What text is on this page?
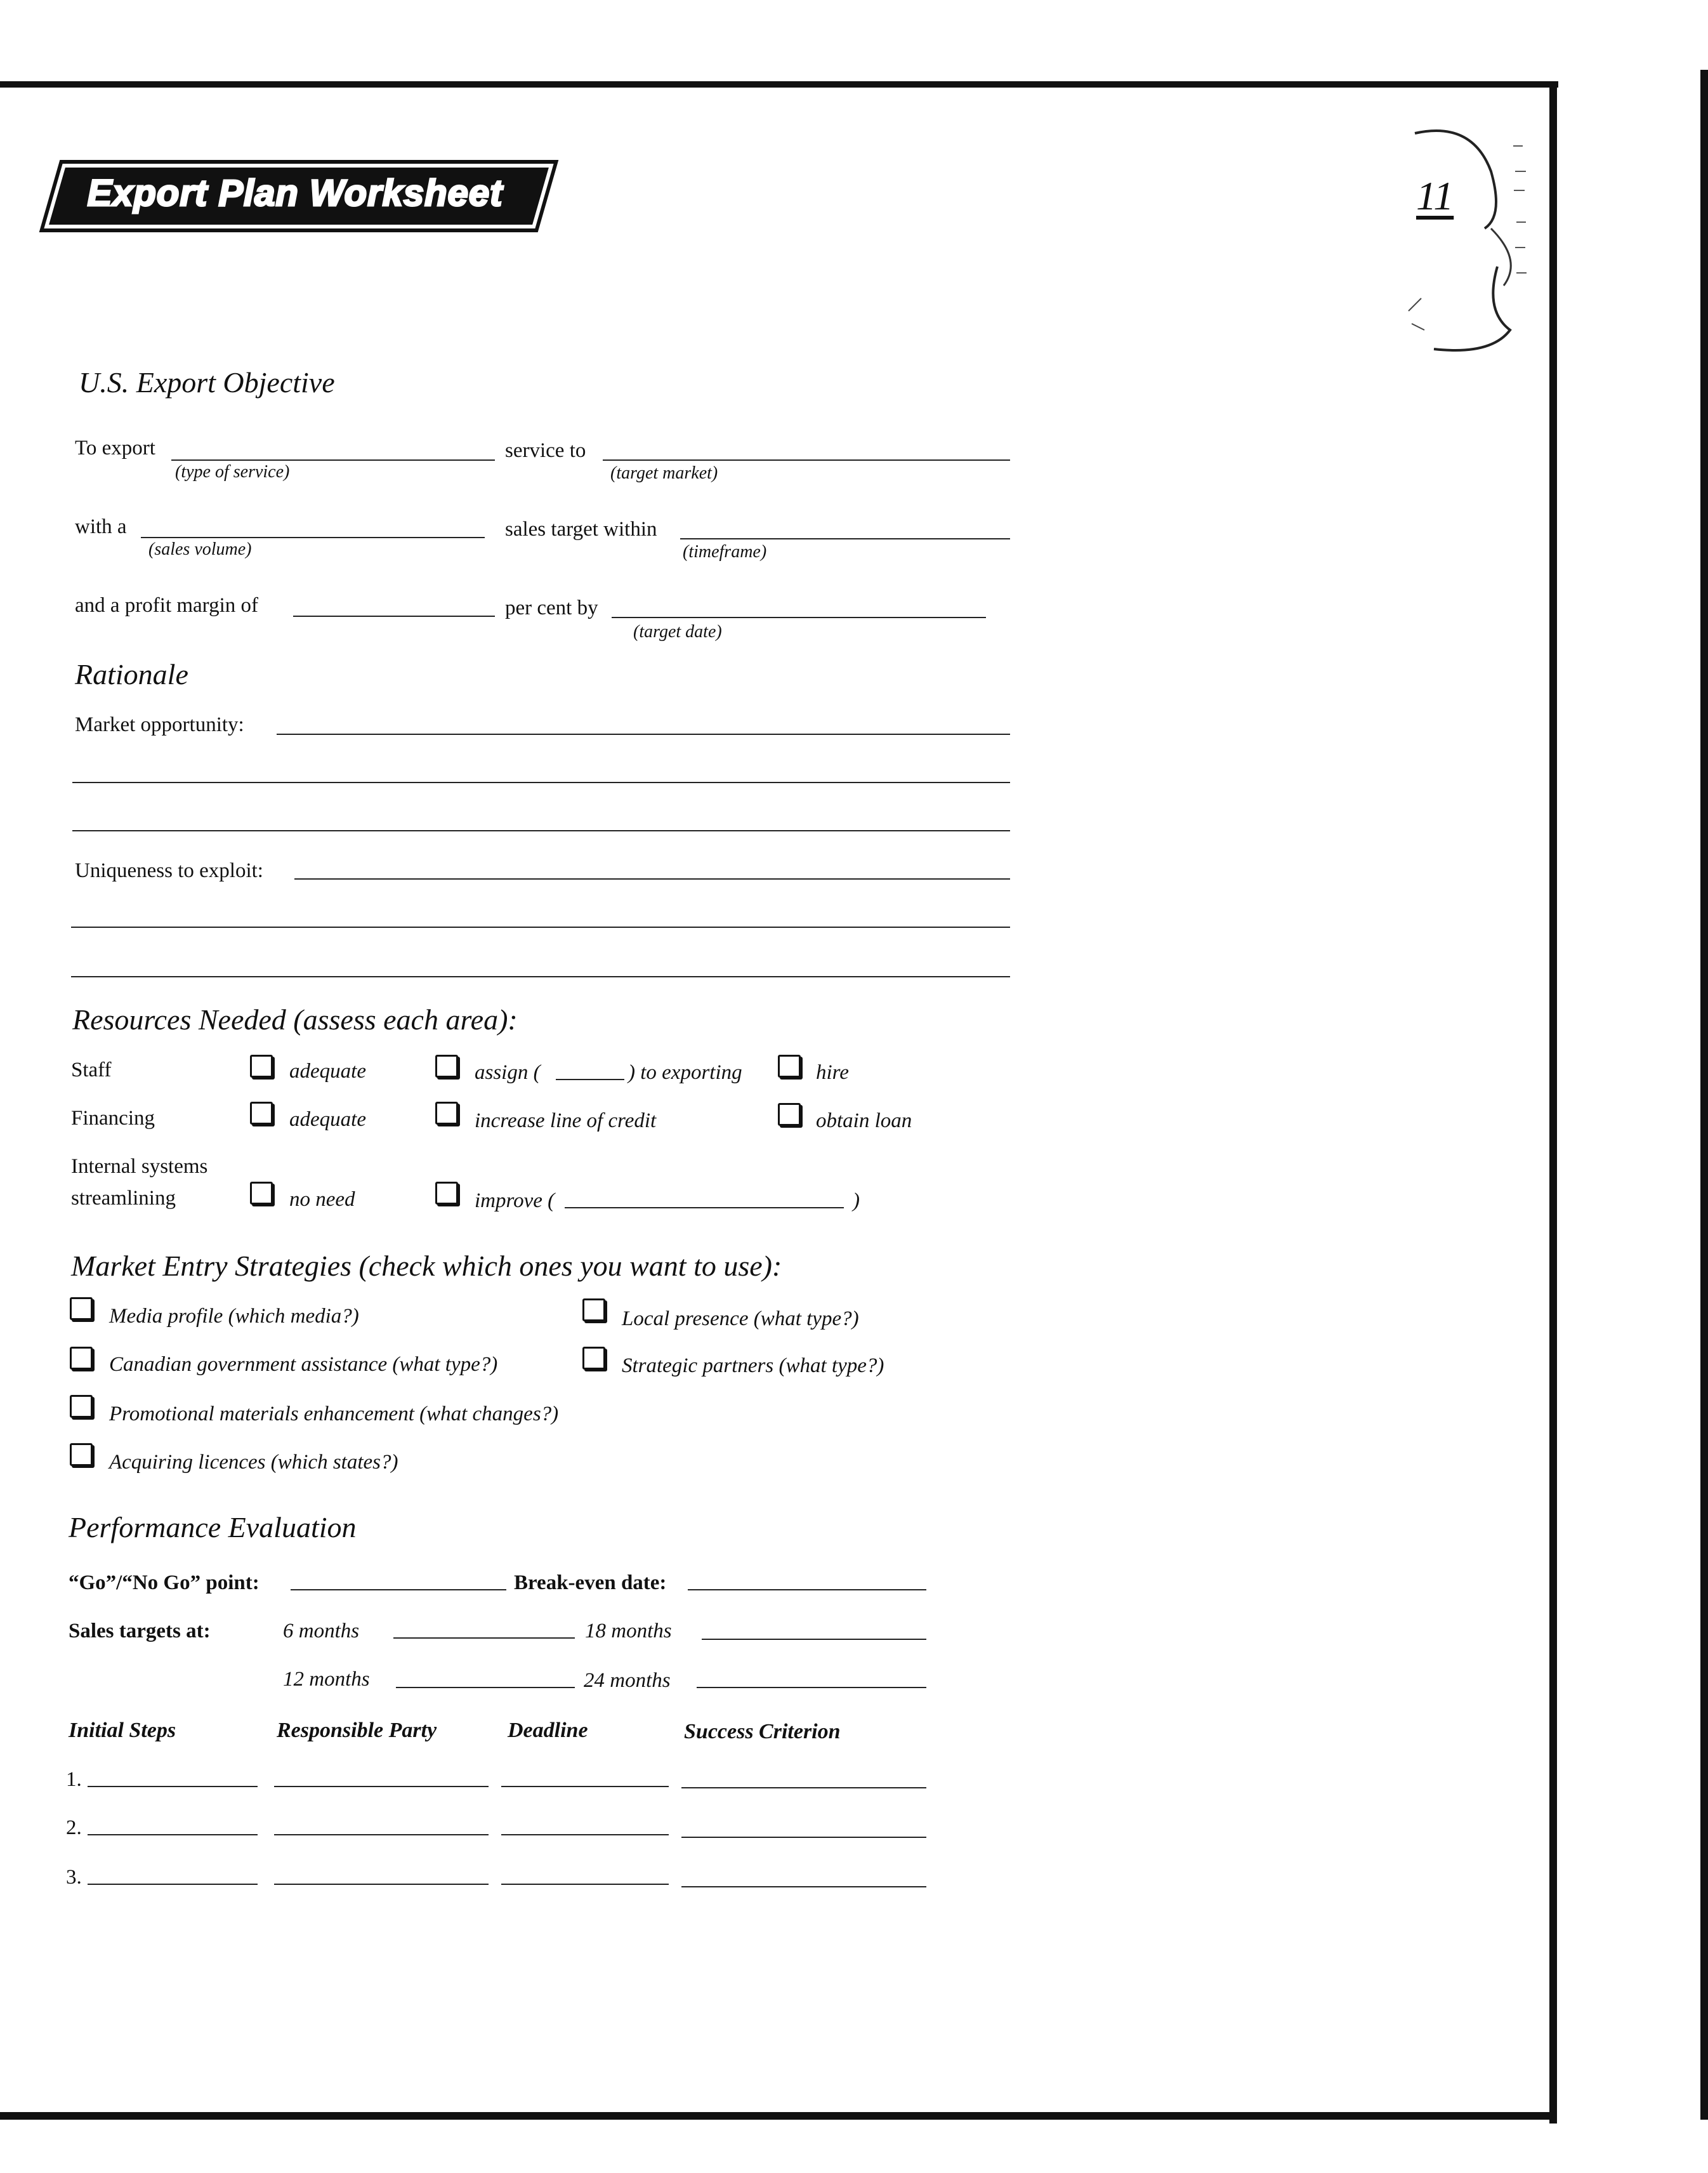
Export Plan Worksheet	11
U.S. Export Objective
To export
(type of service)
service to
(target market)
with a
(sales volume)
sales target within
(timeframe)
and a profit margin of	per cent by
(target date)
Rationale
Market opportunity:
Uniqueness to exploit:
Resources Needed (assess each area):
Staff	adequate	assign (	) to exporting	hire
Financing	adequate	increase line of credit	obtain loan
Internal systems
streamlining	no need	improve (	)
Market Entry Strategies (check which ones you want to use):
Media profile (which media?)	Local presence (what type?)
Canadian government assistance (what type?)	Strategic partners (what type?)
Promotional materials enhancement (what changes?)
Acquiring licences (which states?)
Performance Evaluation
“Go”/“No Go” point:	Break-even date:
Sales targets at:	6 months	18 months
12 months	24 months
Initial Steps	Responsible Party	Deadline	Success Criterion
1.
2.
3.
